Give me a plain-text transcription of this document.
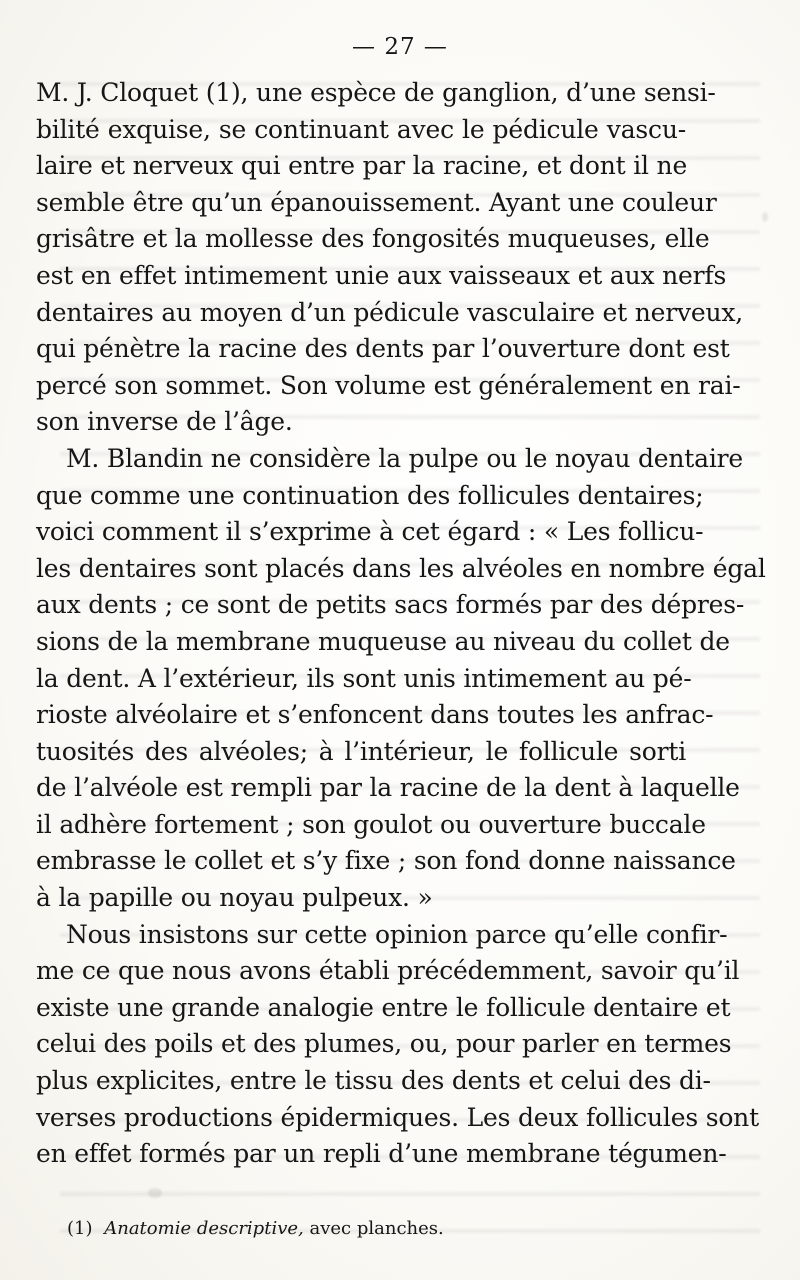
— 27 —
M. J. Cloquet (1), une espèce de ganglion, d’une sensi-
bilité exquise, se continuant avec le pédicule vascu-
laire et nerveux qui entre par la racine, et dont il ne
semble être qu’un épanouissement. Ayant une couleur
grisâtre et la mollesse des fongosités muqueuses, elle
est en effet intimement unie aux vaisseaux et aux nerfs
dentaires au moyen d’un pédicule vasculaire et nerveux,
qui pénètre la racine des dents par l’ouverture dont est
percé son sommet. Son volume est généralement en rai-
son inverse de l’âge.
M. Blandin ne considère la pulpe ou le noyau dentaire
que comme une continuation des follicules dentaires;
voici comment il s’exprime à cet égard : « Les follicu-
les dentaires sont placés dans les alvéoles en nombre égal
aux dents ; ce sont de petits sacs formés par des dépres-
sions de la membrane muqueuse au niveau du collet de
la dent. A l’extérieur, ils sont unis intimement au pé-
rioste alvéolaire et s’enfoncent dans toutes les anfrac-
tuosités des alvéoles; à l’intérieur, le follicule sorti
de l’alvéole est rempli par la racine de la dent à laquelle
il adhère fortement ; son goulot ou ouverture buccale
embrasse le collet et s’y fixe ; son fond donne naissance
à la papille ou noyau pulpeux. »
Nous insistons sur cette opinion parce qu’elle confir-
me ce que nous avons établi précédemment, savoir qu’il
existe une grande analogie entre le follicule dentaire et
celui des poils et des plumes, ou, pour parler en termes
plus explicites, entre le tissu des dents et celui des di-
verses productions épidermiques. Les deux follicules sont
en effet formés par un repli d’une membrane tégumen-
(1) Anatomie descriptive, avec planches.
